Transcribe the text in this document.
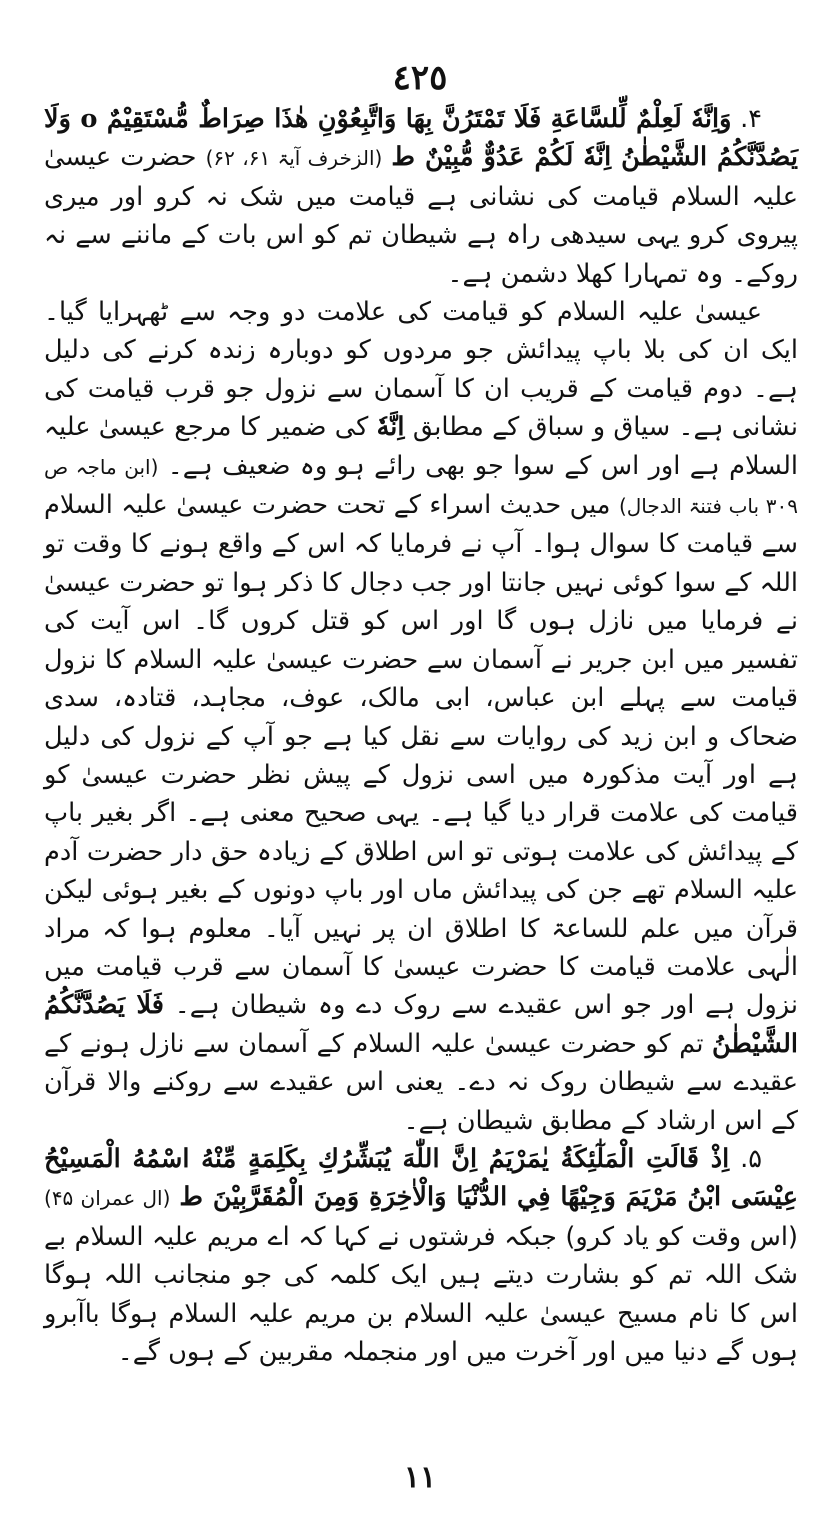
٤٢٥

۴. وَاِنَّهٗ لَعِلْمٌ لِّلسَّاعَةِ فَلَا تَمْتَرُنَّ بِهَا وَاتَّبِعُوْنِ هٰذَا صِرَاطٌ مُّسْتَقِيْمٌ o وَلَا يَصُدَّنَّكُمُ الشَّيْطٰنُ اِنَّهٗ لَكُمْ عَدُوٌّ مُّبِيْنٌ ط (الزخرف آیۃ ۶۱، ۶۲) حضرت عیسیٰ علیہ السلام قیامت کی نشانی ہے قیامت میں شک نہ کرو اور میری پیروی کرو یہی سیدھی راہ ہے شیطان تم کو اس بات کے ماننے سے نہ روکے۔ وہ تمہارا کھلا دشمن ہے۔

عیسیٰ علیہ السلام کو قیامت کی علامت دو وجہ سے ٹھہرایا گیا۔ ایک ان کی بلا باپ پیدائش جو مردوں کو دوبارہ زندہ کرنے کی دلیل ہے۔ دوم قیامت کے قریب ان کا آسمان سے نزول جو قرب قیامت کی نشانی ہے۔ سیاق و سباق کے مطابق اِنَّهٗ کی ضمیر کا مرجع عیسیٰ علیہ السلام ہے اور اس کے سوا جو بھی رائے ہو وہ ضعیف ہے۔ (ابن ماجہ ص ۳۰۹ باب فتنۃ الدجال) میں حدیث اسراء کے تحت حضرت عیسیٰ علیہ السلام سے قیامت کا سوال ہوا۔ آپ نے فرمایا کہ اس کے واقع ہونے کا وقت تو اللہ کے سوا کوئی نہیں جانتا اور جب دجال کا ذکر ہوا تو حضرت عیسیٰ نے فرمایا میں نازل ہوں گا اور اس کو قتل کروں گا۔ اس آیت کی تفسیر میں ابن جریر نے آسمان سے حضرت عیسیٰ علیہ السلام کا نزول قیامت سے پہلے ابن عباس، ابی مالک، عوف، مجاہد، قتادہ، سدی ضحاک و ابن زید کی روایات سے نقل کیا ہے جو آپ کے نزول کی دلیل ہے اور آیت مذکورہ میں اسی نزول کے پیش نظر حضرت عیسیٰ کو قیامت کی علامت قرار دیا گیا ہے۔ یہی صحیح معنی ہے۔ اگر بغیر باپ کے پیدائش کی علامت ہوتی تو اس اطلاق کے زیادہ حق دار حضرت آدم علیہ السلام تھے جن کی پیدائش ماں اور باپ دونوں کے بغیر ہوئی لیکن قرآن میں علم للساعۃ کا اطلاق ان پر نہیں آیا۔ معلوم ہوا کہ مراد الٰہی علامت قیامت کا حضرت عیسیٰ کا آسمان سے قرب قیامت میں نزول ہے اور جو اس عقیدے سے روک دے وہ شیطان ہے۔ فَلَا يَصُدَّنَّكُمُ الشَّيْطٰنُ تم کو حضرت عیسیٰ علیہ السلام کے آسمان سے نازل ہونے کے عقیدے سے شیطان روک نہ دے۔ یعنی اس عقیدے سے روکنے والا قرآن کے اس ارشاد کے مطابق شیطان ہے۔

۵. اِذْ قَالَتِ الْمَلٰٓئِكَةُ يٰمَرْيَمُ اِنَّ اللّٰهَ يُبَشِّرُكِ بِكَلِمَةٍ مِّنْهُ اسْمُهُ الْمَسِيْحُ عِيْسَى ابْنُ مَرْيَمَ وَجِيْهًا فِي الدُّنْيَا وَالْاٰخِرَةِ وَمِنَ الْمُقَرَّبِيْنَ ط (ال عمران ۴۵) (اس وقت کو یاد کرو) جبکہ فرشتوں نے کہا کہ اے مریم علیہ السلام بے شک اللہ تم کو بشارت دیتے ہیں ایک کلمہ کی جو منجانب اللہ ہوگا اس کا نام مسیح عیسیٰ علیہ السلام بن مریم علیہ السلام ہوگا باآبرو ہوں گے دنیا میں اور آخرت میں اور منجملہ مقربین کے ہوں گے۔

١١
